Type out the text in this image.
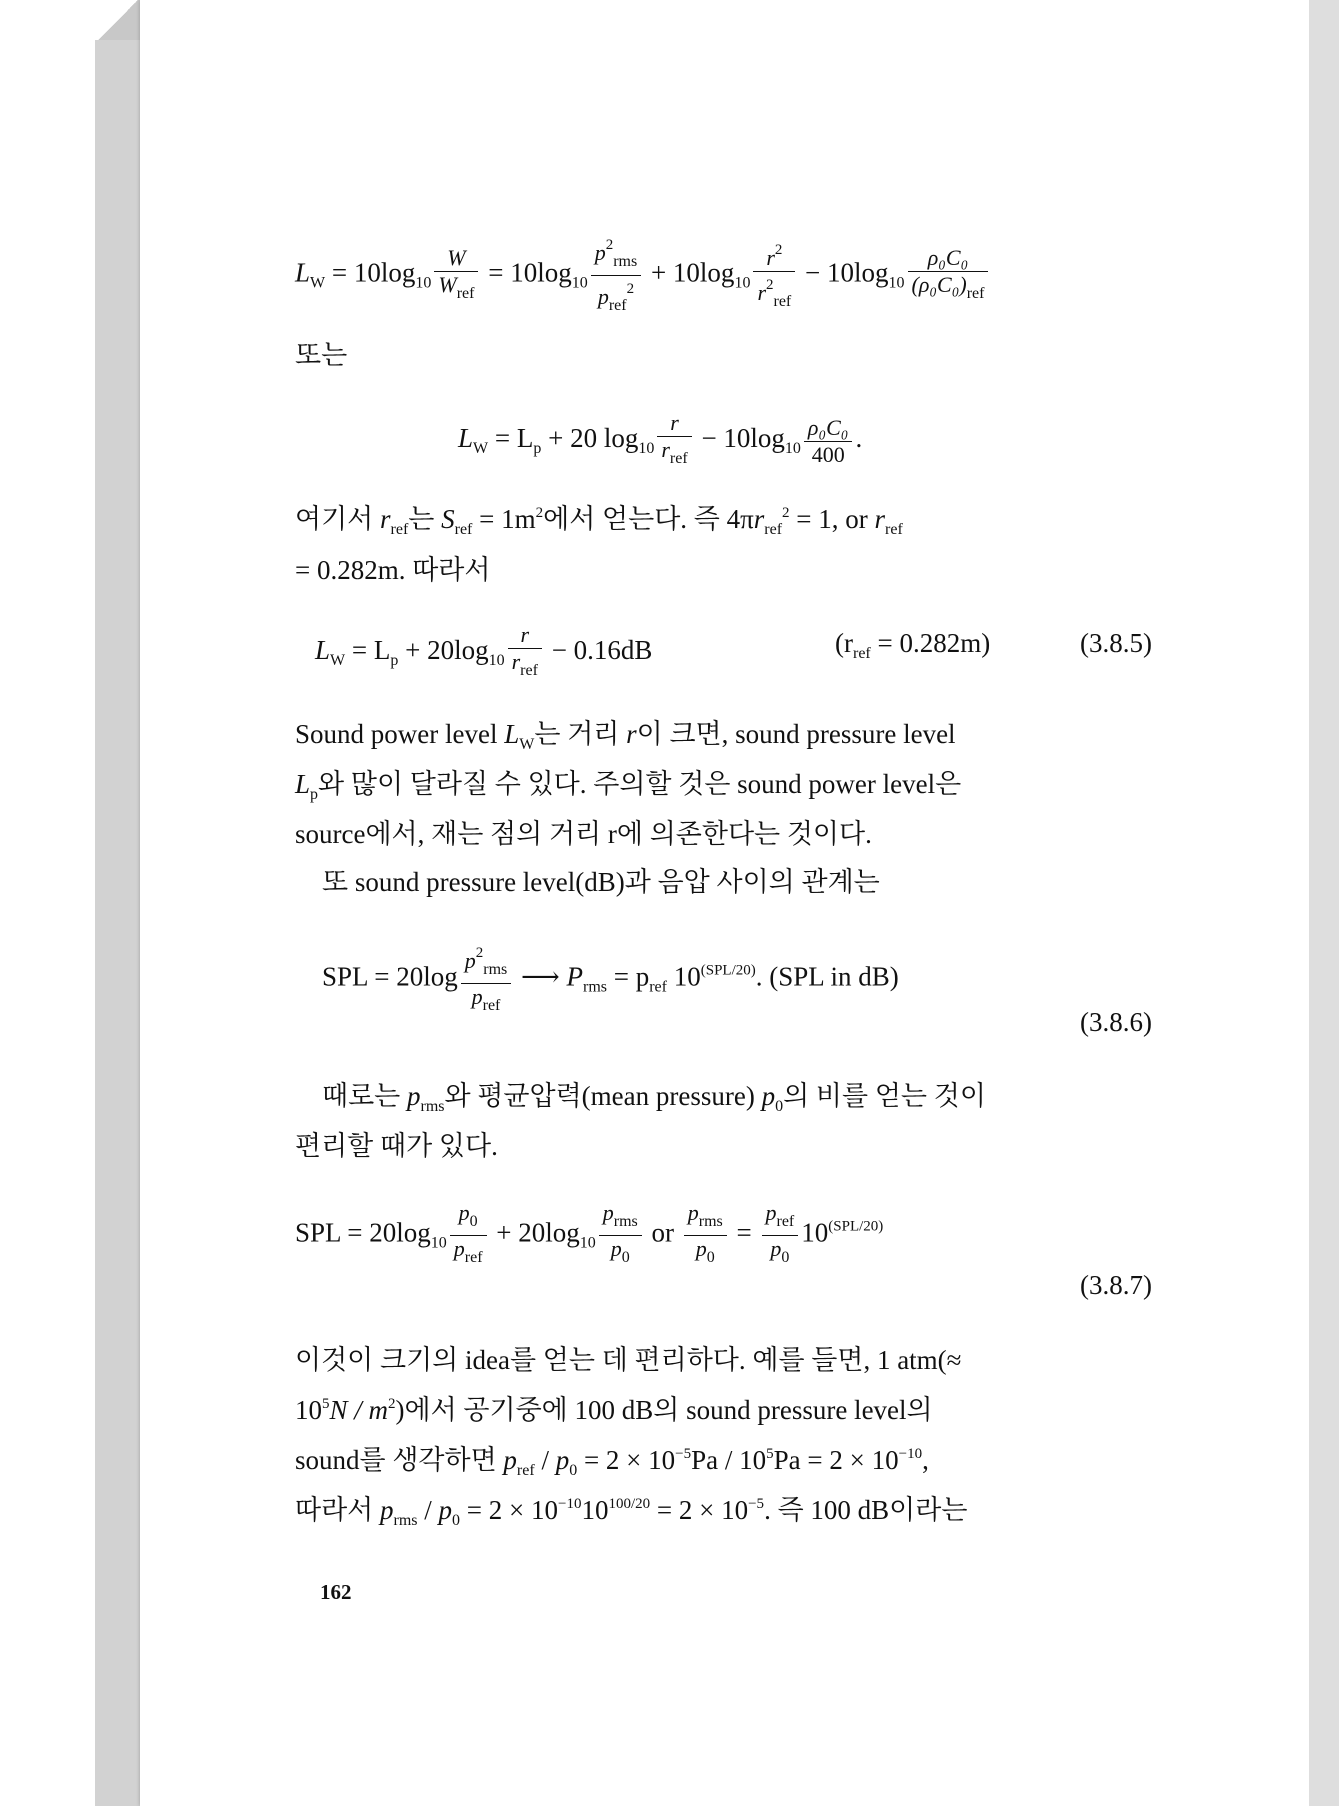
$L_W = 10\log_{10} \frac{W}{W_{ref}} = 10\log_{10} \frac{p^2_{rms}}{p_{ref}^2} + 10\log_{10} \frac{r^2}{r^2_{ref}} - 10\log_{10} \frac{\text{ρ₀C₀}}{(\rho_0C_0)_{ref}}$
또는
$L_W = L_p + 20$ $\log_{10} \frac{r}{r_{ref}} - 10\log_{10} \frac{\text{ρ₀C₀}}{400}$ .
여기서 $r_{ref}$는 $S_{ref} = 1m^2$에서 얻는다. 즉 $4\pi r_{ref}^2 = 1$, or $r_{ref}$
= 0.282m. 따라서
$L_W = L_p + 20\log_{10} \frac{r}{r_{ref}} - 0.16dB$	$(r_{ref} = 0.282m)$	(3.8.5)
Sound power level $L_W$는 거리 r이 크면, sound pressure level
$L_p$와 많이 달라질 수 있다. 주의할 것은 sound power level은
source에서, 재는 점의 거리 r에 의존한다는 것이다.
또 sound pressure level(dB)과 음압 사이의 관계는
SPL = $20\log \frac{p^2_{rms}}{p_{ref}}$ ⟶ $P_{rms} = p_{ref}$ $10^{(SPL/20)}$. (SPL in dB)
(3.8.6)
때로는 $p_{rms}$와 평균압력(mean pressure) $p_0$의 비를 얻는 것이
편리할 때가 있다.
SPL = $20\log_{10} \frac{p_0}{p_{ref}} + 20\log_{10} \frac{p_{rms}}{p_0}$ or $\frac{p_{rms}}{p_0} = \frac{p_{ref}}{p_0} 10^{(SPL/20)}$
(3.8.7)
이것이 크기의 idea를 얻는 데 편리하다. 예를 들면, 1 atm(≈
$10^5N / m^2$)에서 공기중에 100 dB의 sound pressure level의
sound를 생각하면 $p_{ref} / p_0 = 2 \times 10^{-5}Pa / 10^5Pa = 2 \times 10^{-10}$,
따라서 $p_{rms} / p_0 = 2 \times 10^{-10}10^{100/20} = 2 \times 10^{-5}$. 즉 100 dB이라는
162
